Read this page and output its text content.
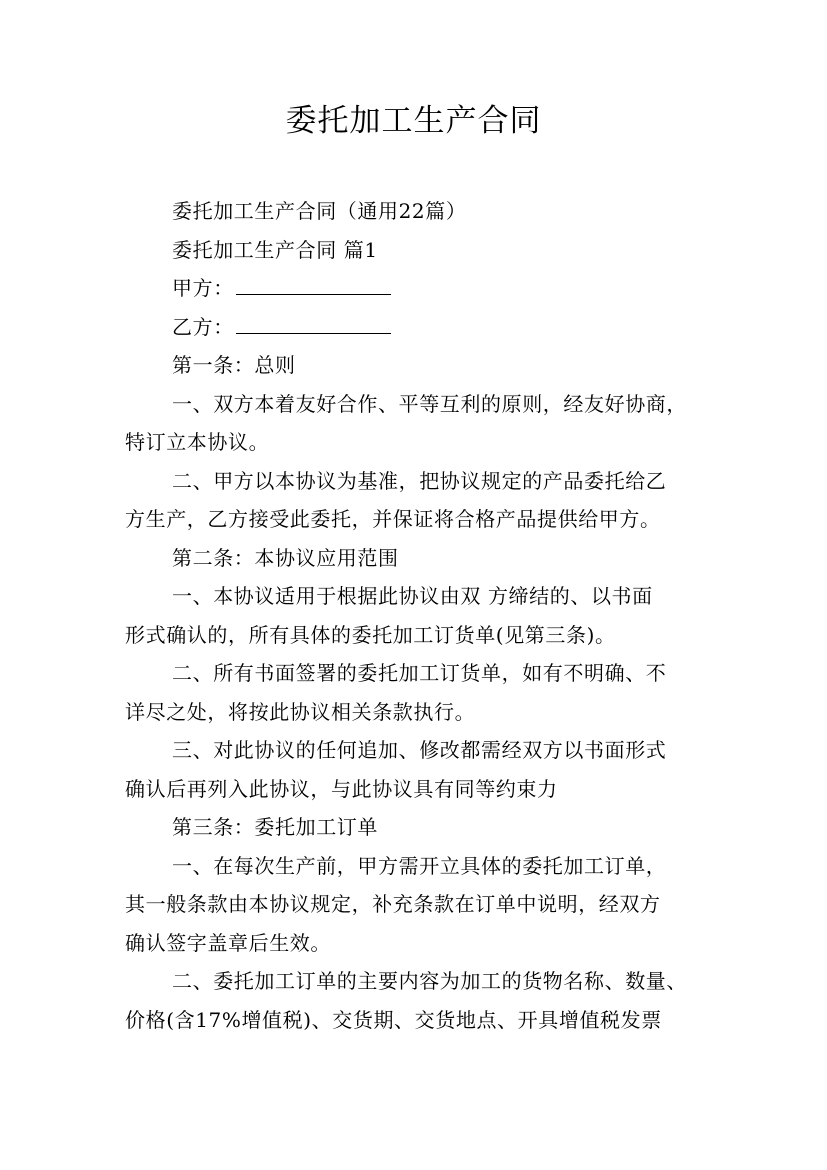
委托加工生产合同
委托加工生产合同（通用22篇）
委托加工生产合同 篇1
甲方：
乙方：
第一条：总则
一、双方本着友好合作、平等互利的原则，经友好协商，
特订立本协议。
二、甲方以本协议为基准，把协议规定的产品委托给乙
方生产，乙方接受此委托，并保证将合格产品提供给甲方。
第二条：本协议应用范围
一、本协议适用于根据此协议由双 方缔结的、以书面
形式确认的，所有具体的委托加工订货单(见第三条)。
二、所有书面签署的委托加工订货单，如有不明确、不
详尽之处，将按此协议相关条款执行。
三、对此协议的任何追加、修改都需经双方以书面形式
确认后再列入此协议，与此协议具有同等约束力
第三条：委托加工订单
一、在每次生产前，甲方需开立具体的委托加工订单，
其一般条款由本协议规定，补充条款在订单中说明，经双方
确认签字盖章后生效。
二、委托加工订单的主要内容为加工的货物名称、数量、
价格(含17%增值税)、交货期、交货地点、开具增值税发票
